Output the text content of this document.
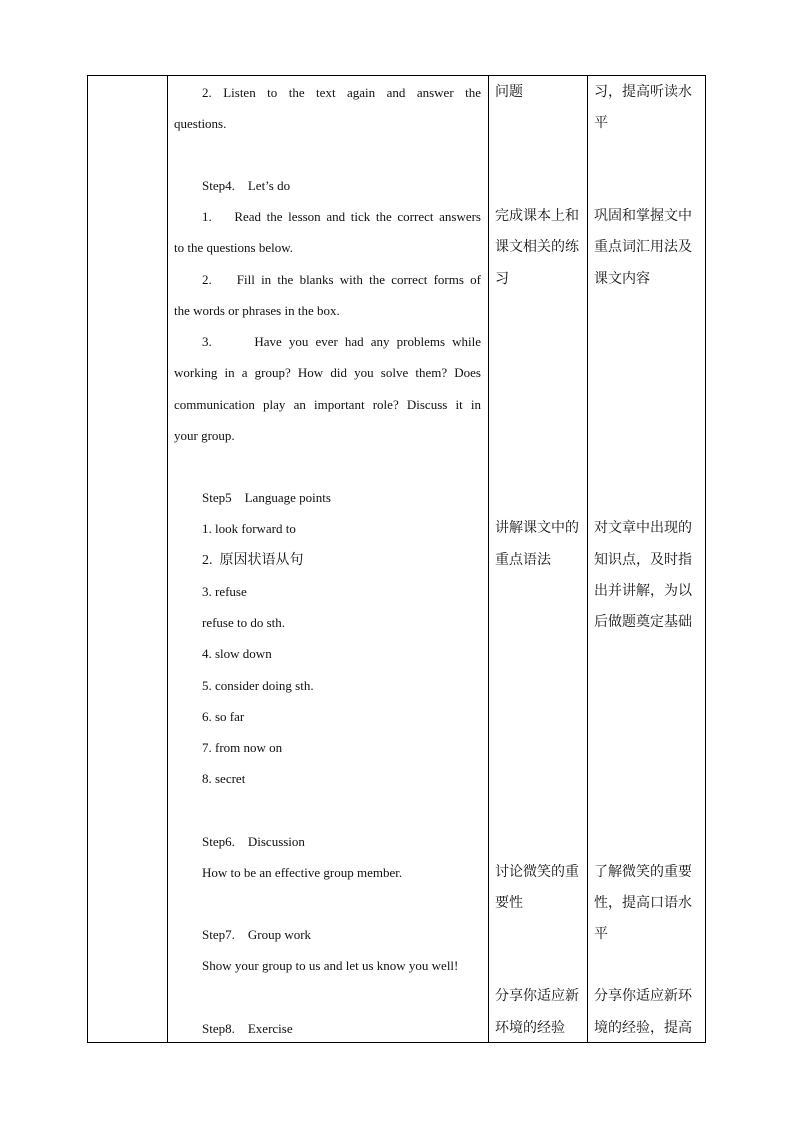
2. Listen to the text again and answer the
questions.
Step4.    Let’s do
1.    Read the lesson and tick the correct answers
to the questions below.
2.    Fill in the blanks with the correct forms of
the words or phrases in the box.
3.      Have you ever had any problems while
working in a group? How did you solve them? Does
communication play an important role? Discuss it in
your group.
Step5    Language points
1. look forward to
2.  原因状语从句
3. refuse
refuse to do sth.
4. slow down
5. consider doing sth.
6. so far
7. from now on
8. secret
Step6.    Discussion
How to be an effective group member.
Step7.    Group work
Show your group to us and let us know you well!
Step8.    Exercise
问题
完成课本上和
课文相关的练
习
讲解课文中的
重点语法
讨论微笑的重
要性
分享你适应新
环境的经验
习，提高听读水
平
巩固和掌握文中
重点词汇用法及
课文内容
对文章中出现的
知识点，及时指
出并讲解，为以
后做题奠定基础
了解微笑的重要
性，提高口语水
平
分享你适应新环
境的经验，提高
